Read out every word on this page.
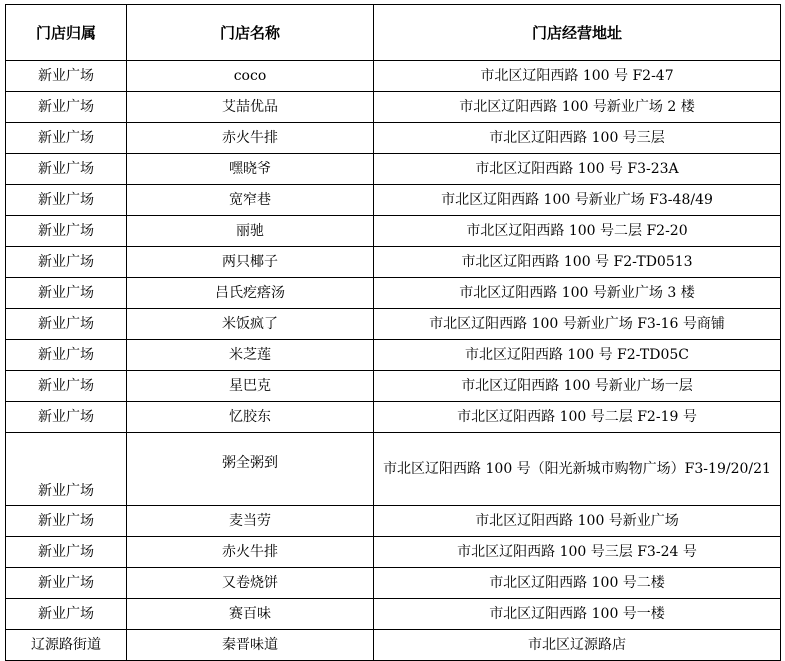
门店归属	门店名称	门店经营地址
新业广场	coco	市北区辽阳西路 100 号 F2-47
新业广场	艾喆优品	市北区辽阳西路 100 号新业广场 2 楼
新业广场	赤火牛排	市北区辽阳西路 100 号三层
新业广场	嘿晓爷	市北区辽阳西路 100 号 F3-23A
新业广场	宽窄巷	市北区辽阳西路 100 号新业广场 F3-48/49
新业广场	丽驰	市北区辽阳西路 100 号二层 F2-20
新业广场	两只椰子	市北区辽阳西路 100 号 F2-TD0513
新业广场	吕氏疙瘩汤	市北区辽阳西路 100 号新业广场 3 楼
新业广场	米饭疯了	市北区辽阳西路 100 号新业广场 F3-16 号商铺
新业广场	米芝莲	市北区辽阳西路 100 号 F2-TD05C
新业广场	星巴克	市北区辽阳西路 100 号新业广场一层
新业广场	忆胶东	市北区辽阳西路 100 号二层 F2-19 号
新业广场	粥全粥到	市北区辽阳西路 100 号（阳光新城市购物广场）F3-19/20/21
新业广场	麦当劳	市北区辽阳西路 100 号新业广场
新业广场	赤火牛排	市北区辽阳西路 100 号三层 F3-24 号
新业广场	又卷烧饼	市北区辽阳西路 100 号二楼
新业广场	赛百味	市北区辽阳西路 100 号一楼
辽源路街道	秦晋味道	市北区辽源路店
